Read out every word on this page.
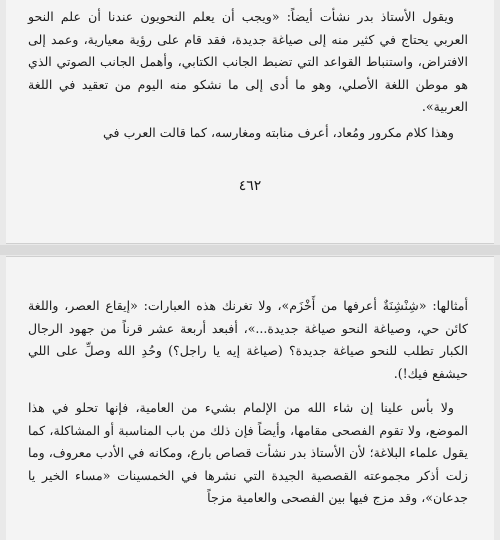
ويقول الأستاذ بدر نشأت أيضاً: «ويجب أن يعلم النحويون عندنا أن علم النحو العربي يحتاج في كثير منه إلى صياغة جديدة، فقد قام على رؤية معيارية، وعمد إلى الافتراض، واستنباط القواعد التي تضبط الجانب الكتابي، وأهمل الجانب الصوتي الذي هو موطن اللغة الأصلي، وهو ما أدى إلى ما نشكو منه اليوم من تعقيد في اللغة العربية».

وهذا كلام مكرور ومُعاد، أعرف منابته ومغارسه، كما قالت العرب في

٤٦٢

أمثالها: «شِنْشِنَةٌ أعرفها من أَخْزَم»، ولا تغرنك هذه العبارات: «إيقاع العصر، واللغة كائن حي، وصياغة النحو صياغة جديدة...»، أفبعد أربعة عشر قرناً من جهود الرجال الكبار تطلب للنحو صياغة جديدة؟ (صياغة إيه يا راجل؟) وحُدِ الله وصلِّ على اللي حيشفع فيك!).

ولا بأس علينا إن شاء الله من الإلمام بشيء من العامية، فإنها تحلو في هذا الموضع، ولا تقوم الفصحى مقامها، وأيضاً فإن ذلك من باب المناسبة أو المشاكلة، كما يقول علماء البلاغة؛ لأن الأستاذ بدر نشأت قصاص بارع، ومكانه في الأدب معروف، وما زلت أذكر مجموعته القصصية الجيدة التي نشرها في الخمسينات «مساء الخير يا جدعان»، وقد مزج فيها بين الفصحى والعامية مزجاً
